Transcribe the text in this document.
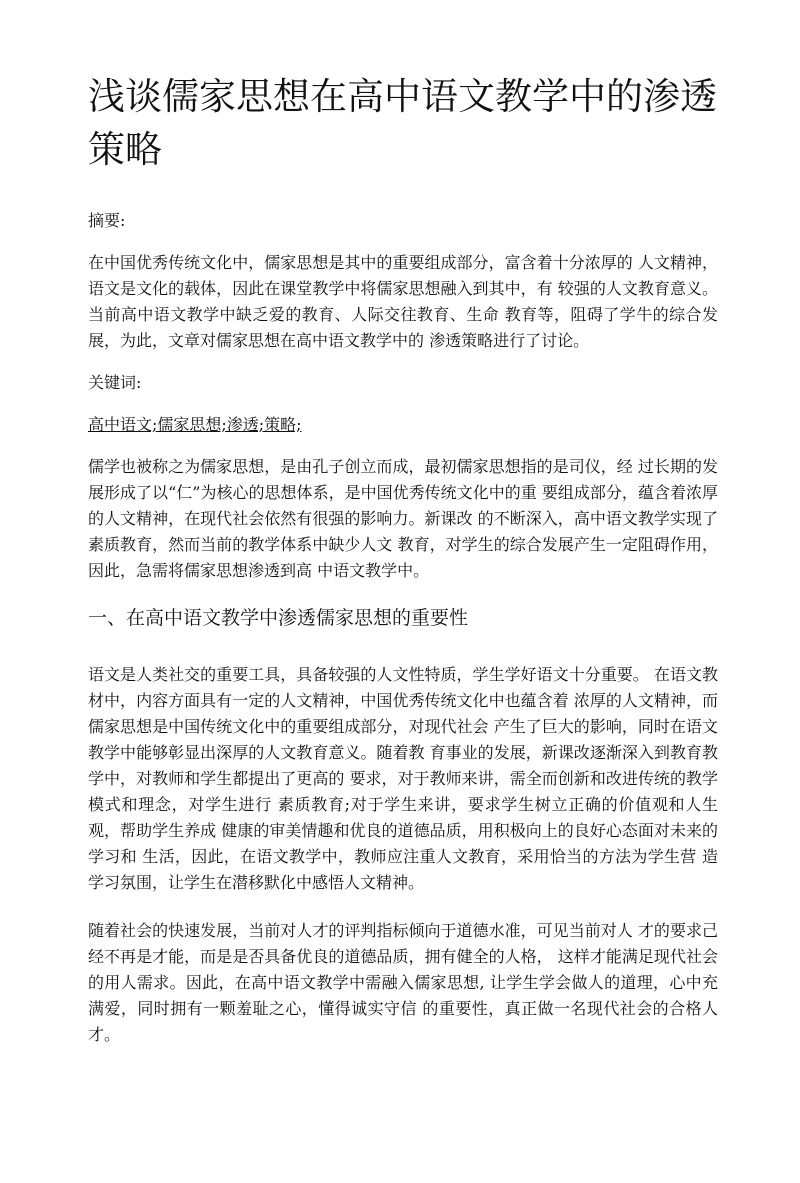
浅谈儒家思想在高中语文教学中的渗透策略

摘要:

在中国优秀传统文化中，儒家思想是其中的重要组成部分，富含着十分浓厚的 人文精神，语文是文化的载体，因此在课堂教学中将儒家思想融入到其中，有 较强的人文教育意义。当前高中语文教学中缺乏爱的教育、人际交往教育、生命 教育等，阻碍了学牛的综合发展，为此，文章对儒家思想在高中语文教学中的 渗透策略进行了讨论。

关键词:

高中语文;儒家思想;渗透;策略;

儒学也被称之为儒家思想，是由孔子创立而成，最初儒家思想指的是司仪，经 过长期的发展形成了以“仁”为核心的思想体系，是中国优秀传统文化中的重 要组成部分，蕴含着浓厚的人文精神，在现代社会依然有很强的影响力。新课改 的不断深入，高中语文教学实现了素质教育，然而当前的教学体系中缺少人文 教育，对学生的综合发展产生一定阻碍作用，因此，急需将儒家思想渗透到高 中语文教学中。

一、在高中语文教学中渗透儒家思想的重要性

语文是人类社交的重要工具，具备较强的人文性特质，学生学好语文十分重要。 在语文教材中，内容方面具有一定的人文精神，中国优秀传统文化中也蕴含着 浓厚的人文精神，而儒家思想是中国传统文化中的重要组成部分，对现代社会 产生了巨大的影响，同时在语文教学中能够彰显出深厚的人文教育意义。随着教 育事业的发展，新课改逐渐深入到教育教学中，对教师和学生都提出了更高的 要求，对于教师来讲，需全而创新和改进传统的教学模式和理念，对学生进行 素质教育;对于学生来讲，要求学生树立正确的价值观和人生观，帮助学生养成 健康的审美情趣和优良的道德品质，用积极向上的良好心态面对未来的学习和 生活，因此，在语文教学中，教师应注重人文教育，采用恰当的方法为学生营 造学习氛围，让学生在潜移默化中感悟人文精神。

随着社会的快速发展，当前对人才的评判指标倾向于道德水准，可见当前对人 才的要求己经不再是才能，而是是否具备优良的道德品质，拥有健全的人格， 这样才能满足现代社会的用人需求。因此，在高中语文教学中需融入儒家思想, 让学生学会做人的道理，心中充满爱，同时拥有一颗羞耻之心，懂得诚实守信 的重要性，真正做一名现代社会的合格人才。
